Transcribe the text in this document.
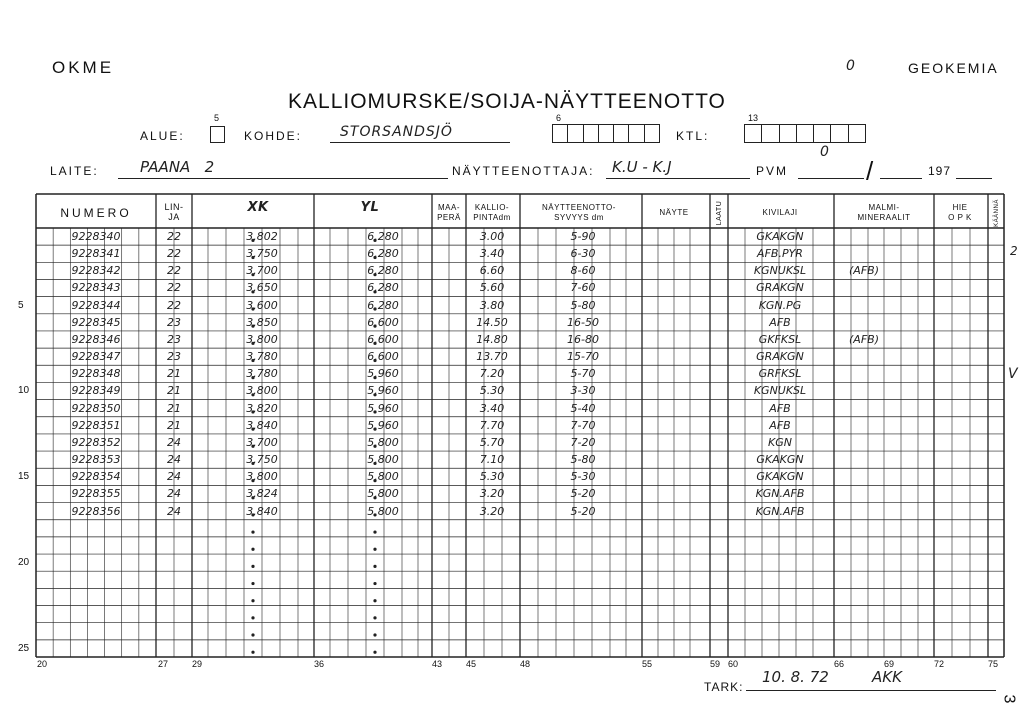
OKME	0	GEOKEMIA
KALLIOMURSKE/SOIJA-NÄYTTEENOTTO
5	6	13
ALUE:	KOHDE:	STORSANDSJÖ	KTL:
LAITE:	PAANA   2	NÄYTTEENOTTAJA: K.U - K.J	PVM
0
/	197
NUMERO	LIN-
JA
XK	YL	MAA-
PERÄ
KALLIO-
PINTAdm
NÄYTTEENOTTO-
SYVYYS dm
NÄYTE	LAATU	KIVILAJI
MALMI-
MINERAALIT
HIE
O P K	KÄÄNNÄ
9228340	22	3.802	6.280	3.00	5-90	GKAKGN
9228341	22	3.750	6.280	3.40	6-30	AFB.PYR
9228342	22	3.700	6.280	6.60	8-60	KGNUKSL	(AFB)
9228343	22	3.650	6.280	5.60	7-60	GRAKGN
9228344	22	3.600	6.280	3.80	5-80	KGN.PG
9228345	23	3.850	6.600	14.50	16-50	AFB
9228346	23	3.800	6.600	14.80	16-80	GKFKSL	(AFB)
9228347	23	3.780	6.600	13.70	15-70	GRAKGN
9228348	21	3.780	5.960	7.20	5-70	GRFKSL
9228349	21	3.800	5.960	5.30	3-30	KGNUKSL
9228350	21	3.820	5.960	3.40	5-40	AFB
9228351	21	3.840	5.960	7.70	7-70	AFB
9228352	24	3.700	5.800	5.70	7-20	KGN
9228353	24	3.750	5.800	7.10	5-80	GKAKGN
9228354	24	3.800	5.800	5.30	5-30	GKAKGN
9228355	24	3.824	5.800	3.20	5-20	KGN.AFB
9228356	24	3.840	5.800	3.20	5-20	KGN.AFB
5
10
15
20
25
20	27	29	36	43	45	48	55	59 60	66	69	72	75
2
V
TARK:
10. 8. 72	AKK
3
